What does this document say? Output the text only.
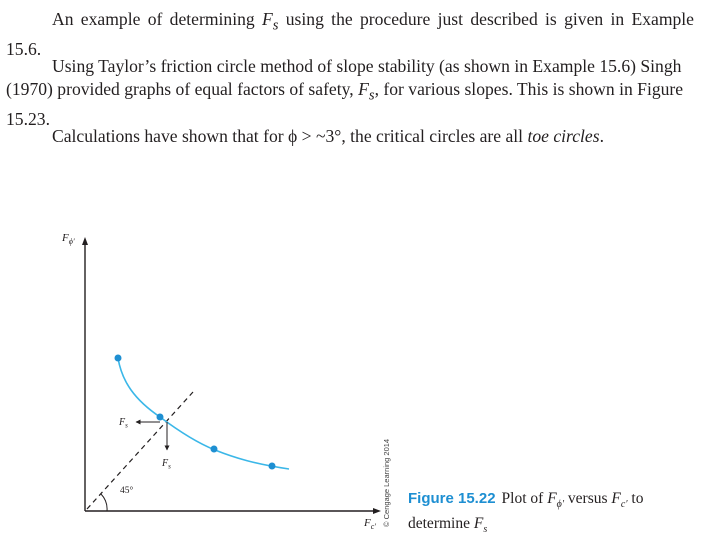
An example of determining $F_s$ using the procedure just described is given in Example 15.6.

Using Taylor’s friction circle method of slope stability (as shown in Example 15.6) Singh (1970) provided graphs of equal factors of safety, $F_s$, for various slopes. This is shown in Figure 15.23.

Calculations have shown that for ϕ > ~3°, the critical circles are all toe circles.

$F_{\phi'}$
$F_{c'}$
45°
$F_s$
$F_s$	© Cengage Learning 2014 Figure 15.22 Plot of $F_{\phi'}$ versus $F_{c'}$ to
determine $F_s$
